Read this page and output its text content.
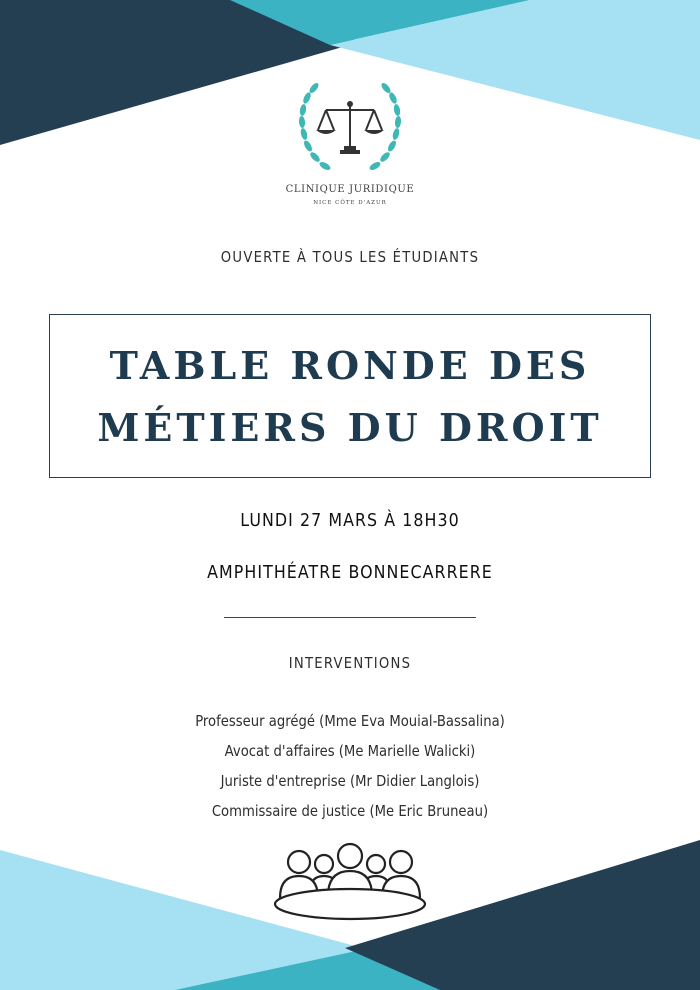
CLINIQUE JURIDIQUE
NICE CÔTE D'AZUR
OUVERTE À TOUS LES ÉTUDIANTS
TABLE RONDE DES
MÉTIERS DU DROIT
LUNDI 27 MARS À 18H30
AMPHITHÉATRE BONNECARRERE
INTERVENTIONS
Professeur agrégé (Mme Eva Mouial-Bassalina)
Avocat d'affaires (Me Marielle Walicki)
Juriste d'entreprise (Mr Didier Langlois)
Commissaire de justice (Me Eric Bruneau)
